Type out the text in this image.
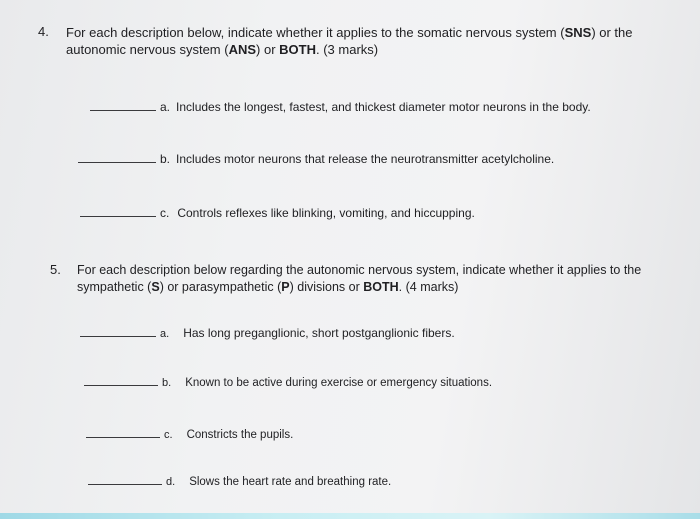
4. For each description below, indicate whether it applies to the somatic nervous system (SNS) or the
autonomic nervous system (ANS) or BOTH. (3 marks)
a. Includes the longest, fastest, and thickest diameter motor neurons in the body.
b. Includes motor neurons that release the neurotransmitter acetylcholine.
c. Controls reflexes like blinking, vomiting, and hiccupping.
5. For each description below regarding the autonomic nervous system, indicate whether it applies to the
sympathetic (S) or parasympathetic (P) divisions or BOTH. (4 marks)
a. Has long preganglionic, short postganglionic fibers.
b. Known to be active during exercise or emergency situations.
c. Constricts the pupils.
d. Slows the heart rate and breathing rate.
